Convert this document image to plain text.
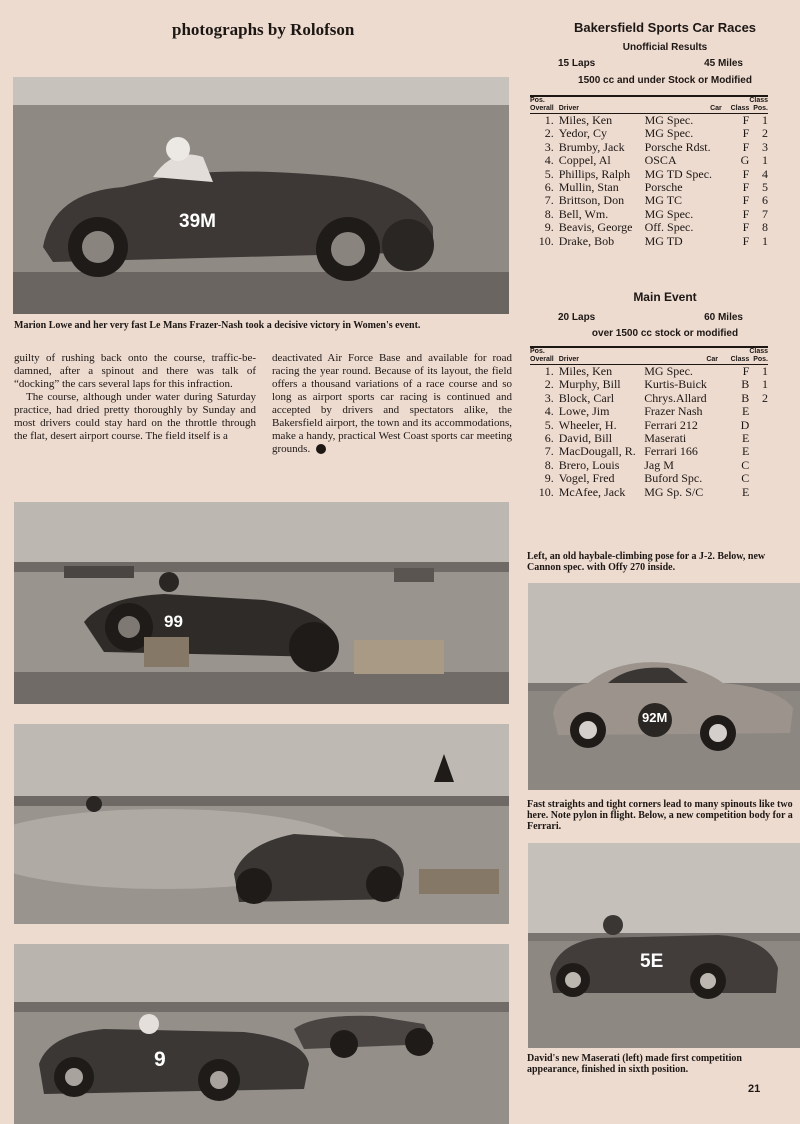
photographs by Rolofson	Bakersfield Sports Car Races
Unofficial Results
15 Laps	45 Miles
1500 cc and under Stock or Modified
Pos.
Overall	Driver	Car	Class	Class
Pos.
1.	Miles, Ken	MG Spec.	F	1
2.	Yedor, Cy	MG Spec.	F	2
3.	Brumby, Jack	Porsche Rdst.	F	3
4.	Coppel, Al	OSCA	G	1
5.	Phillips, Ralph	MG TD Spec.	F	4
6.	Mullin, Stan	Porsche	F	5
7.	Brittson, Don	MG TC	F	6
8.	Bell, Wm.	MG Spec.	F	7
9.	Beavis, George	Off. Spec.	F	8
10.	Drake, Bob	MG TD	F	1
Main Event
20 Laps	60 Miles
over 1500 cc stock or modified
Pos.
Overall	Driver	Car	Class	Class
Pos.
1.	Miles, Ken	MG Spec.	F	1
2.	Murphy, Bill	Kurtis-Buick	B	1
3.	Block, Carl	Chrys.Allard	B	2
4.	Lowe, Jim	Frazer Nash	E	
5.	Wheeler, H.	Ferrari 212	D	
6.	David, Bill	Maserati	E	
7.	MacDougall, R.	Ferrari 166	E	
8.	Brero, Louis	Jag M	C	
9.	Vogel, Fred	Buford Spc.	C	
10.	McAfee, Jack	MG Sp. S/C	E	
39M
Marion Lowe and her very fast Le Mans Frazer-Nash took a decisive victory in Women's event.

guilty of rushing back onto the course, traffic-be-damned, after a spinout and there was talk of “docking” the cars several laps for this infraction.

The course, although under water during Saturday practice, had dried pretty thoroughly by Sunday and most drivers could stay hard on the throttle through the flat, desert airport course. The field itself is a

deactivated Air Force Base and available for road racing the year round. Because of its layout, the field offers a thousand variations of a race course and so long as airport sports car racing is continued and accepted by drivers and spectators alike, the Bakersfield airport, the town and its accommodations, make a handy, practical West Coast sports car meeting grounds.

99
Left, an old haybale-climbing pose for a J-2. Below, new Cannon spec. with Offy 270 inside.
92M
Fast straights and tight corners lead to many spinouts like two here. Note pylon in flight. Below, a new competition body for a Ferrari.
5E
9	David's new Maserati (left) made first competition appearance, finished in sixth position.
21
